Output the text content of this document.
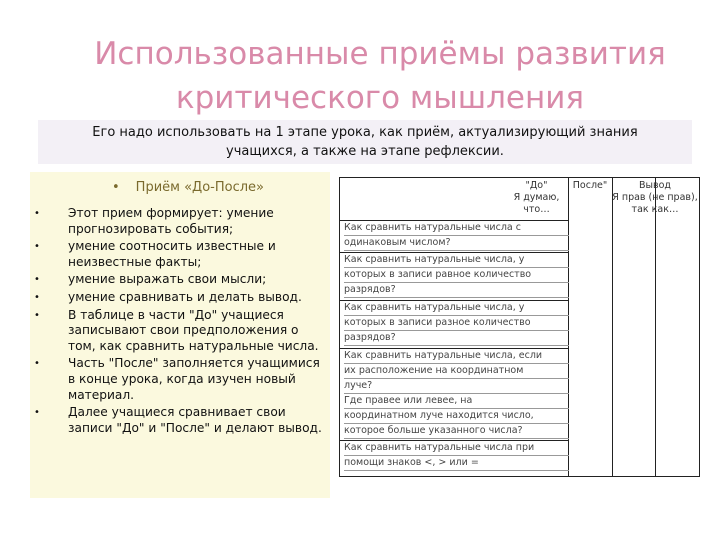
Использованные приёмы развития
критического мышления
Его надо использовать на 1 этапе урока, как приём, актуализирующий знания
учащихся, а также на этапе рефлексии.
• Приём «До-После»
• Этот прием формирует: умение прогнозировать события;
• умение соотносить известные и неизвестные факты;
• умение выражать свои мысли;
• умение сравнивать и делать вывод.
• В таблице в части "До" учащиеся записывают свои предположения о том, как сравнить натуральные числа.
• Часть "После" заполняется учащимися в конце урока, когда изучен новый материал.
• Далее учащиеся сравнивает свои записи "До" и "После" и делают вывод.
"До"
Я думаю,
что…
После"	Вывод
Я прав (не прав),
так как…
Как сравнить натуральные числа с
одинаковым числом?
Как сравнить натуральные числа, у
которых в записи равное количество
разрядов?
Как сравнить натуральные числа, у
которых в записи разное количество
разрядов?
Как сравнить натуральные числа, если
их расположение на координатном
луче?
Где правее или левее, на
координатном луче находится число,
которое больше указанного числа?
Как сравнить натуральные числа при
помощи знаков <, > или =
